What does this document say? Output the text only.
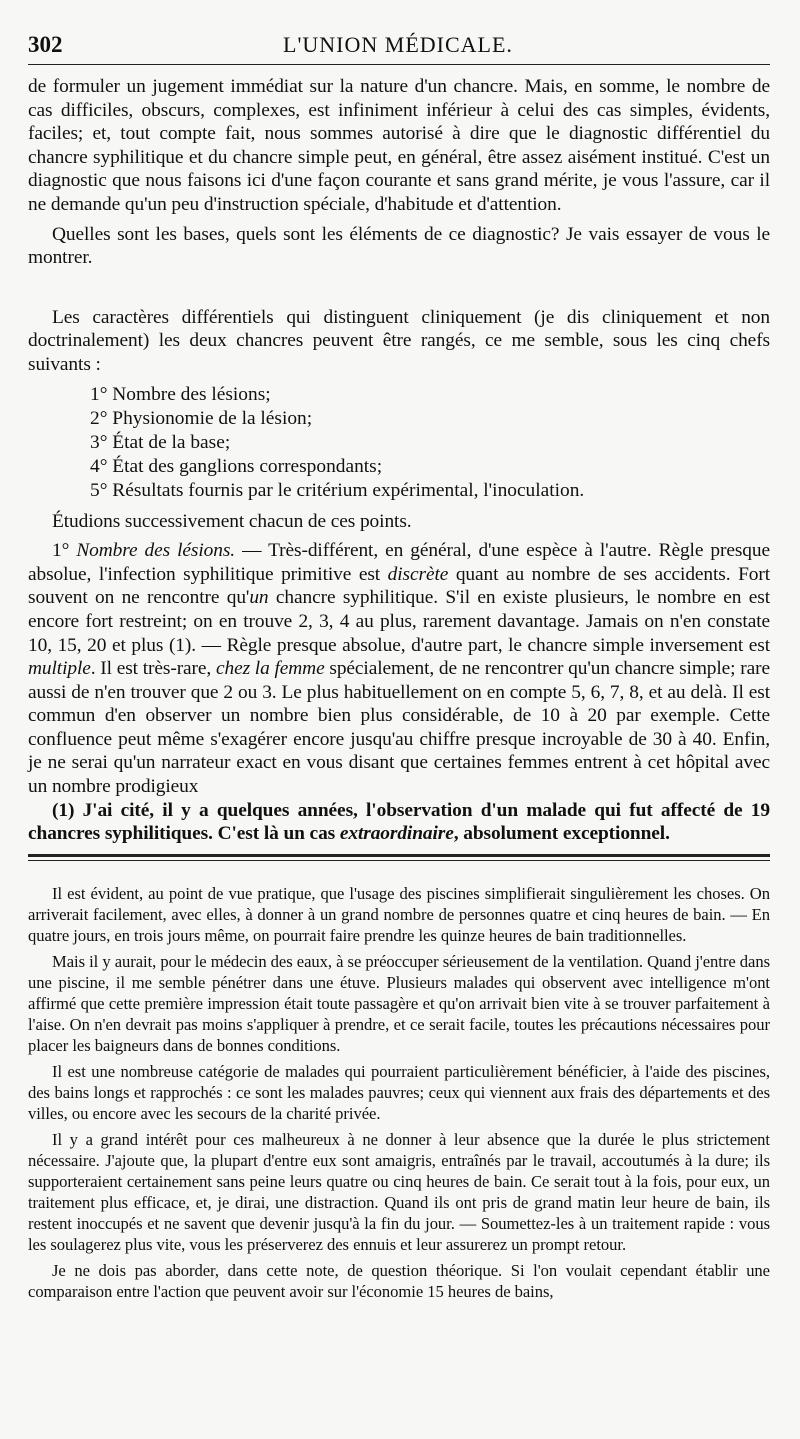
302	L'UNION MÉDICALE.

de formuler un jugement immédiat sur la nature d'un chancre. Mais, en somme, le nombre de cas difficiles, obscurs, complexes, est infiniment inférieur à celui des cas simples, évidents, faciles; et, tout compte fait, nous sommes autorisé à dire que le diagnostic différentiel du chancre syphilitique et du chancre simple peut, en général, être assez aisément institué. C'est un diagnostic que nous faisons ici d'une façon courante et sans grand mérite, je vous l'assure, car il ne demande qu'un peu d'instruction spéciale, d'habitude et d'attention.

Quelles sont les bases, quels sont les éléments de ce diagnostic? Je vais essayer de vous le montrer.

Les caractères différentiels qui distinguent cliniquement (je dis cliniquement et non doctrinalement) les deux chancres peuvent être rangés, ce me semble, sous les cinq chefs suivants :

1° Nombre des lésions;
2° Physionomie de la lésion;
3° État de la base;
4° État des ganglions correspondants;
5° Résultats fournis par le critérium expérimental, l'inoculation.

Étudions successivement chacun de ces points.

1° Nombre des lésions. — Très-différent, en général, d'une espèce à l'autre. Règle presque absolue, l'infection syphilitique primitive est discrète quant au nombre de ses accidents. Fort souvent on ne rencontre qu'un chancre syphilitique. S'il en existe plusieurs, le nombre en est encore fort restreint; on en trouve 2, 3, 4 au plus, rarement davantage. Jamais on n'en constate 10, 15, 20 et plus (1). — Règle presque absolue, d'autre part, le chancre simple inversement est multiple. Il est très-rare, chez la femme spécialement, de ne rencontrer qu'un chancre simple; rare aussi de n'en trouver que 2 ou 3. Le plus habituellement on en compte 5, 6, 7, 8, et au delà. Il est commun d'en observer un nombre bien plus considérable, de 10 à 20 par exemple. Cette confluence peut même s'exagérer encore jusqu'au chiffre presque incroyable de 30 à 40. Enfin, je ne serai qu'un narrateur exact en vous disant que certaines femmes entrent à cet hôpital avec un nombre prodigieux

(1) J'ai cité, il y a quelques années, l'observation d'un malade qui fut affecté de 19 chancres syphilitiques. C'est là un cas extraordinaire, absolument exceptionnel.

Il est évident, au point de vue pratique, que l'usage des piscines simplifierait singulièrement les choses. On arriverait facilement, avec elles, à donner à un grand nombre de personnes quatre et cinq heures de bain. — En quatre jours, en trois jours même, on pourrait faire prendre les quinze heures de bain traditionnelles.

Mais il y aurait, pour le médecin des eaux, à se préoccuper sérieusement de la ventilation. Quand j'entre dans une piscine, il me semble pénétrer dans une étuve. Plusieurs malades qui observent avec intelligence m'ont affirmé que cette première impression était toute passagère et qu'on arrivait bien vite à se trouver parfaitement à l'aise. On n'en devrait pas moins s'appliquer à prendre, et ce serait facile, toutes les précautions nécessaires pour placer les baigneurs dans de bonnes conditions.

Il est une nombreuse catégorie de malades qui pourraient particulièrement bénéficier, à l'aide des piscines, des bains longs et rapprochés : ce sont les malades pauvres; ceux qui viennent aux frais des départements et des villes, ou encore avec les secours de la charité privée.

Il y a grand intérêt pour ces malheureux à ne donner à leur absence que la durée le plus strictement nécessaire. J'ajoute que, la plupart d'entre eux sont amaigris, entraînés par le travail, accoutumés à la dure; ils supporteraient certainement sans peine leurs quatre ou cinq heures de bain. Ce serait tout à la fois, pour eux, un traitement plus efficace, et, je dirai, une distraction. Quand ils ont pris de grand matin leur heure de bain, ils restent inoccupés et ne savent que devenir jusqu'à la fin du jour. — Soumettez-les à un traitement rapide : vous les soulagerez plus vite, vous les préserverez des ennuis et leur assurerez un prompt retour.

Je ne dois pas aborder, dans cette note, de question théorique. Si l'on voulait cependant établir une comparaison entre l'action que peuvent avoir sur l'économie 15 heures de bains,
